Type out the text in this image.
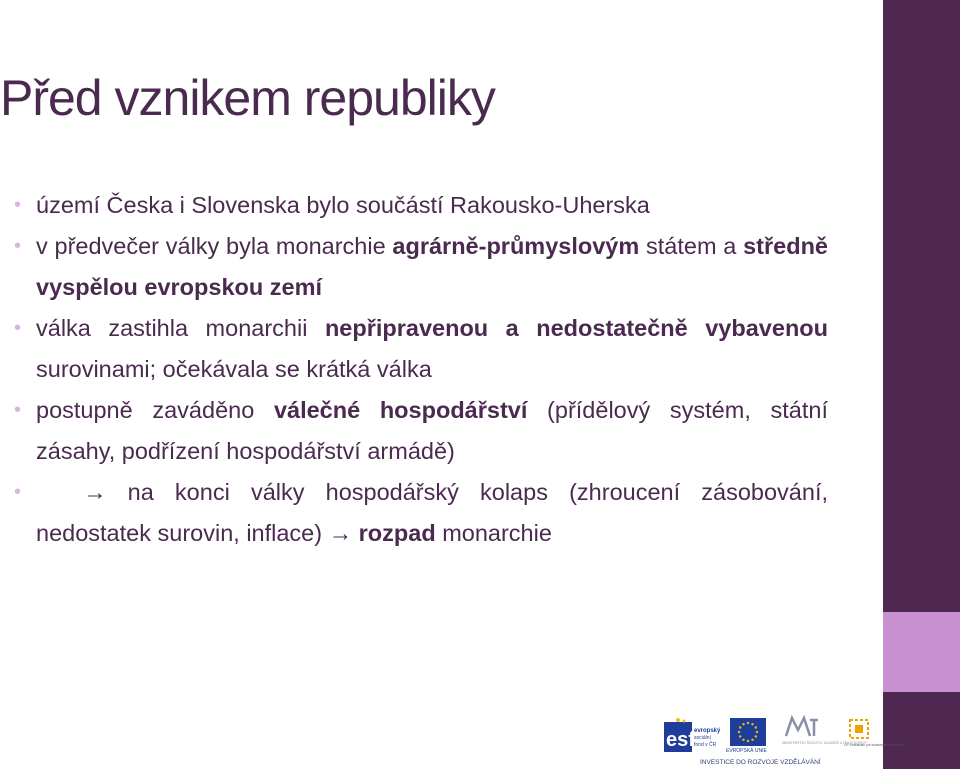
Před vznikem republiky

• území Česka i Slovenska bylo součástí Rakousko-Uherska

• v předvečer války byla monarchie agrárně-průmyslovým státem a středně vyspělou evropskou zemí

• válka zastihla monarchii nepřipravenou a nedostatečně vybavenou surovinami; očekávala se krátká válka

• postupně zaváděno válečné hospodářství (přídělový systém, státní zásahy, podřízení hospodářství armádě)

•   → na konci války hospodářský kolaps (zhroucení zásobování, nedostatek surovin, inflace) → rozpad monarchie

esf evropský
sociální
fond v ČR
EVROPSKÁ UNIE
MINISTERSTVO ŠKOLSTVÍ, MLÁDEŽE A TĚLOVÝCHOVY
OP Vzdělávání pro konkurenceschopnost
INVESTICE DO ROZVOJE VZDĚLÁVÁNÍ
